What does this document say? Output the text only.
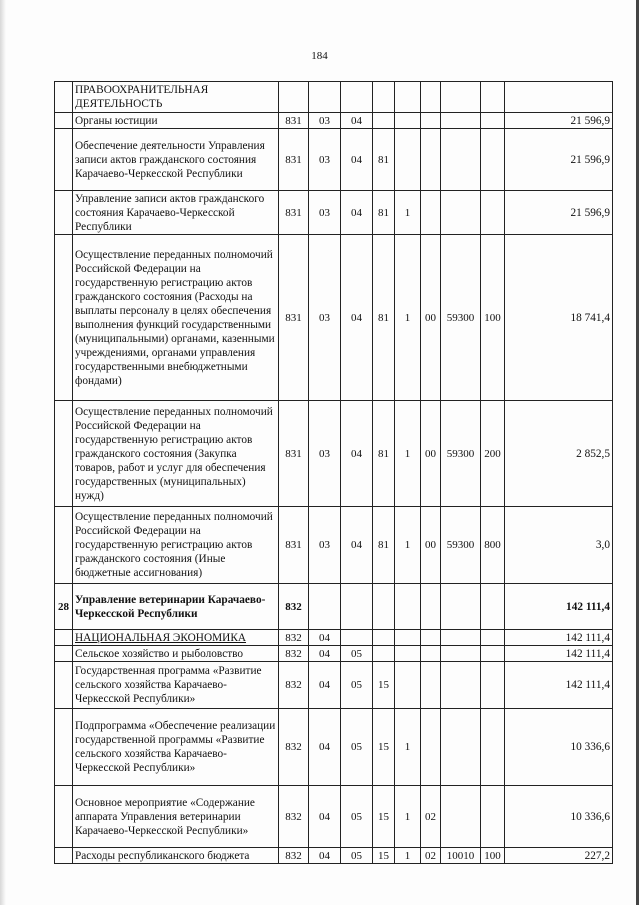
184
	ПРАВООХРАНИТЕЛЬНАЯ ДЕЯТЕЛЬНОСТЬ									
	Органы юстиции	831	03	04						21 596,9
	Обеспечение деятельности Управления записи актов гражданского состояния Карачаево-Черкесской Республики	831	03	04	81					21 596,9
	Управление записи актов гражданского состояния Карачаево-Черкесской Республики	831	03	04	81	1				21 596,9
	Осуществление переданных полномочий Российской Федерации на государственную регистрацию актов гражданского состояния (Расходы на выплаты персоналу в целях обеспечения выполнения функций государственными (муниципальными) органами, казенными учреждениями, органами управления государственными внебюджетными фондами)	831	03	04	81	1	00	59300	100	18 741,4
	Осуществление переданных полномочий Российской Федерации на государственную регистрацию актов гражданского состояния (Закупка товаров, работ и услуг для обеспечения государственных (муниципальных) нужд)	831	03	04	81	1	00	59300	200	2 852,5
	Осуществление переданных полномочий Российской Федерации на государственную регистрацию актов гражданского состояния (Иные бюджетные ассигнования)	831	03	04	81	1	00	59300	800	3,0
28	Управление ветеринарии Карачаево-Черкесской Республики	832								142 111,4
	НАЦИОНАЛЬНАЯ ЭКОНОМИКА	832	04							142 111,4
	Сельское хозяйство и рыболовство	832	04	05						142 111,4
	Государственная программа «Развитие сельского хозяйства Карачаево-Черкесской Республики»	832	04	05	15					142 111,4
	Подпрограмма «Обеспечение реализации государственной программы «Развитие сельского хозяйства Карачаево-Черкесской Республики»	832	04	05	15	1				10 336,6
	Основное мероприятие «Содержание аппарата Управления ветеринарии Карачаево-Черкесской Республики»	832	04	05	15	1	02			10 336,6
	Расходы республиканского бюджета	832	04	05	15	1	02	10010	100	227,2
